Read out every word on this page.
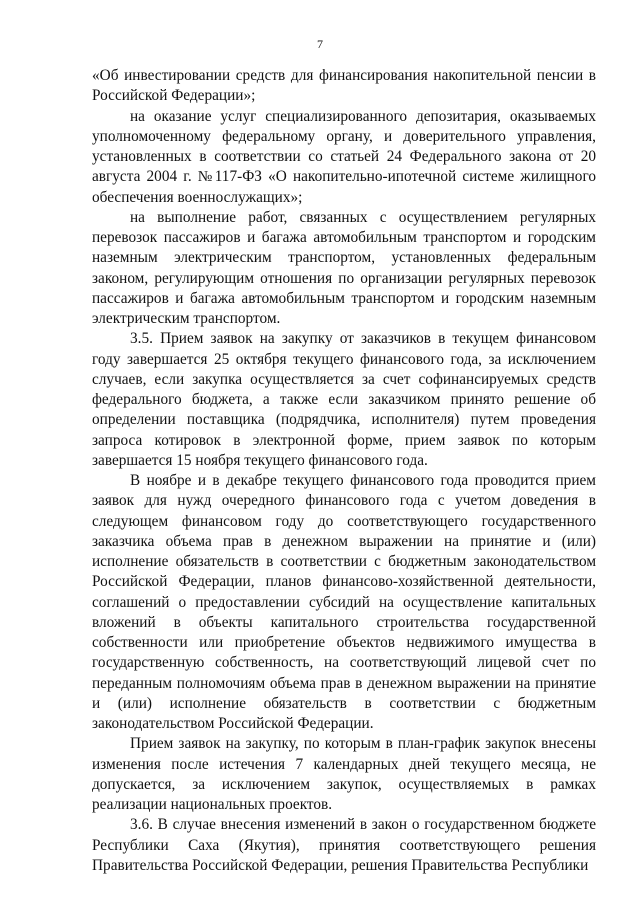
7

«Об инвестировании средств для финансирования накопительной пенсии в Российской Федерации»;

на оказание услуг специализированного депозитария, оказываемых уполномоченному федеральному органу, и доверительного управления, установленных в соответствии со статьей 24 Федерального закона от 20 августа 2004 г. №117-ФЗ «О накопительно-ипотечной системе жилищного обеспечения военнослужащих»;

на выполнение работ, связанных с осуществлением регулярных перевозок пассажиров и багажа автомобильным транспортом и городским наземным электрическим транспортом, установленных федеральным законом, регулирующим отношения по организации регулярных перевозок пассажиров и багажа автомобильным транспортом и городским наземным электрическим транспортом.

3.5. Прием заявок на закупку от заказчиков в текущем финансовом году завершается 25 октября текущего финансового года, за исключением случаев, если закупка осуществляется за счет софинансируемых средств федерального бюджета, а также если заказчиком принято решение об определении поставщика (подрядчика, исполнителя) путем проведения запроса котировок в электронной форме, прием заявок по которым завершается 15 ноября текущего финансового года.

В ноябре и в декабре текущего финансового года проводится прием заявок для нужд очередного финансового года с учетом доведения в следующем финансовом году до соответствующего государственного заказчика объема прав в денежном выражении на принятие и (или) исполнение обязательств в соответствии с бюджетным законодательством Российской Федерации, планов финансово-хозяйственной деятельности, соглашений о предоставлении субсидий на осуществление капитальных вложений в объекты капитального строительства государственной собственности или приобретение объектов недвижимого имущества в государственную собственность, на соответствующий лицевой счет по переданным полномочиям объема прав в денежном выражении на принятие и (или) исполнение обязательств в соответствии с бюджетным законодательством Российской Федерации.

Прием заявок на закупку, по которым в план-график закупок внесены изменения после истечения 7 календарных дней текущего месяца, не допускается, за исключением закупок, осуществляемых в рамках реализации национальных проектов.

3.6. В случае внесения изменений в закон о государственном бюджете Республики Саха (Якутия), принятия соответствующего решения Правительства Российской Федерации, решения Правительства Республики
